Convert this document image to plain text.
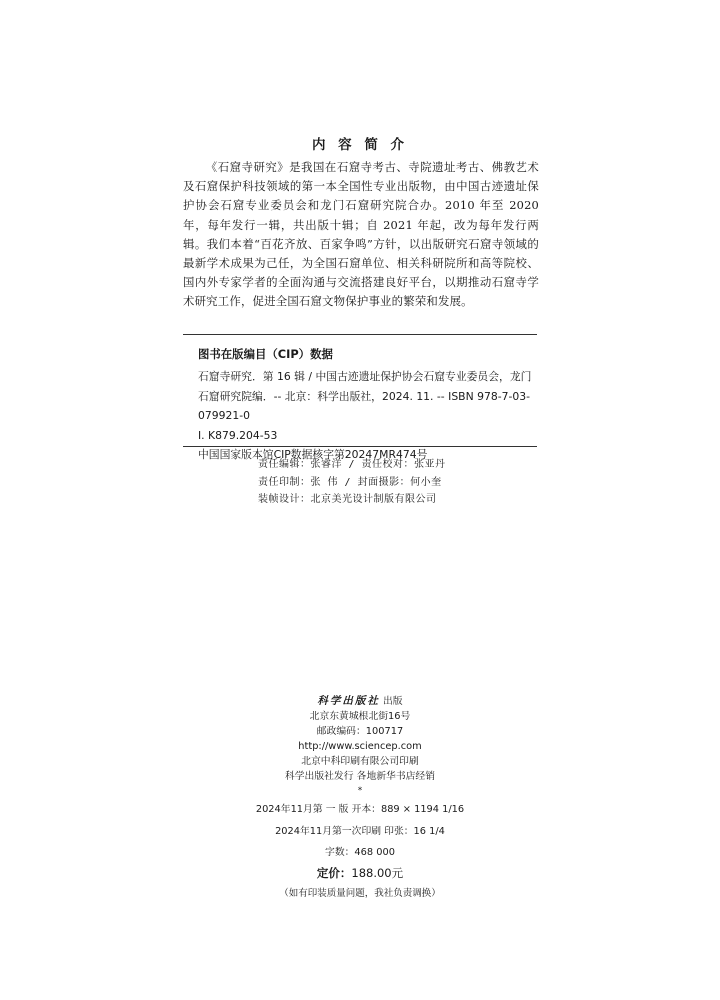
内 容 简 介
《石窟寺研究》是我国在石窟寺考古、寺院遗址考古、佛教艺术及石窟保护科技领域的第一本全国性专业出版物，由中国古迹遗址保护协会石窟专业委员会和龙门石窟研究院合办。2010 年至 2020 年，每年发行一辑，共出版十辑；自 2021 年起，改为每年发行两辑。我们本着“百花齐放、百家争鸣”方针，以出版研究石窟寺领域的最新学术成果为己任，为全国石窟单位、相关科研院所和高等院校、国内外专家学者的全面沟通与交流搭建良好平台，以期推动石窟寺学术研究工作，促进全国石窟文物保护事业的繁荣和发展。
图书在版编目（CIP）数据
石窟寺研究．第 16 辑 / 中国古迹遗址保护协会石窟专业委员会，龙门石窟研究院编．-- 北京：科学出版社，2024. 11. -- ISBN 978-7-03-079921-0
Ⅰ. K879.204-53
中国国家版本馆CIP数据核字第20247MR474号
责任编辑：张睿洋 / 责任校对：张亚丹
责任印制：张 伟 / 封面摄影：何小奎
装帧设计：北京美光设计制版有限公司
科学出版社 出版
北京东黄城根北街16号
邮政编码：100717
http://www.sciencep.com
北京中科印刷有限公司印刷
科学出版社发行 各地新华书店经销
*
2024年11月第 一 版 开本：889 × 1194 1/16
2024年11月第一次印刷 印张：16 1/4
字数：468 000
定价：188.00元
（如有印装质量问题，我社负责调换）
